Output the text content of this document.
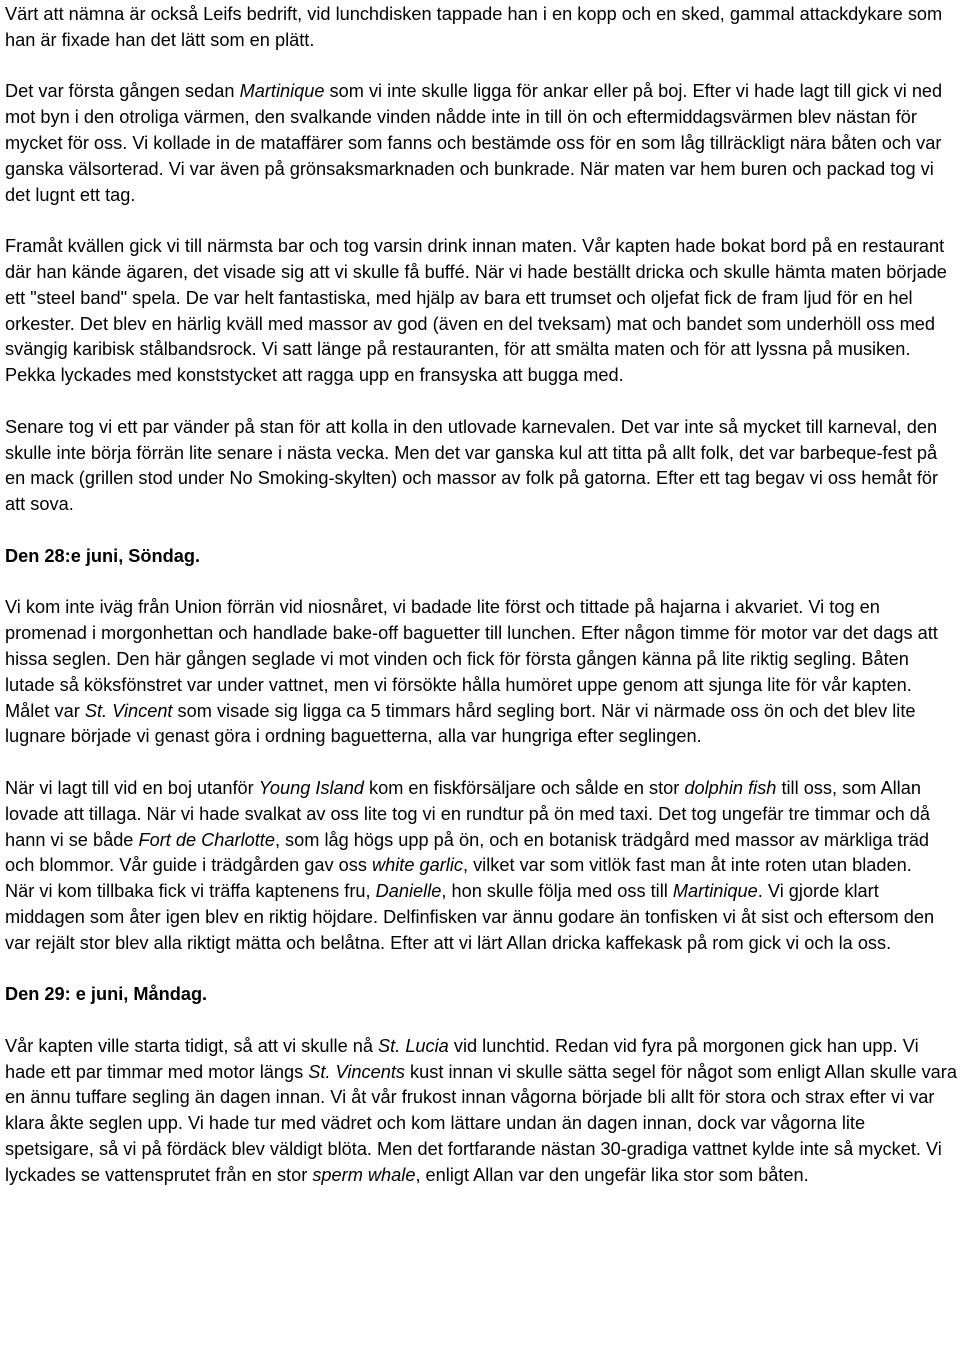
Värt att nämna är också Leifs bedrift, vid lunchdisken tappade han i en kopp och en sked, gammal attackdykare som han är fixade han det lätt som en plätt.

Det var första gången sedan Martinique som vi inte skulle ligga för ankar eller på boj. Efter vi hade lagt till gick vi ned mot byn i den otroliga värmen, den svalkande vinden nådde inte in till ön och eftermiddagsvärmen blev nästan för mycket för oss. Vi kollade in de mataffärer som fanns och bestämde oss för en som låg tillräckligt nära båten och var ganska välsorterad. Vi var även på grönsaksmarknaden och bunkrade. När maten var hem buren och packad tog vi det lugnt ett tag.

Framåt kvällen gick vi till närmsta bar och tog varsin drink innan maten. Vår kapten hade bokat bord på en restaurant där han kände ägaren, det visade sig att vi skulle få buffé. När vi hade beställt dricka och skulle hämta maten började ett "steel band" spela. De var helt fantastiska, med hjälp av bara ett trumset och oljefat fick de fram ljud för en hel orkester. Det blev en härlig kväll med massor av god (även en del tveksam) mat och bandet som underhöll oss med svängig karibisk stålbandsrock. Vi satt länge på restauranten, för att smälta maten och för att lyssna på musiken. Pekka lyckades med konststycket att ragga upp en fransyska att bugga med.

Senare tog vi ett par vänder på stan för att kolla in den utlovade karnevalen. Det var inte så mycket till karneval, den skulle inte börja förrän lite senare i nästa vecka. Men det var ganska kul att titta på allt folk, det var barbeque-fest på en mack (grillen stod under No Smoking-skylten) och massor av folk på gatorna. Efter ett tag begav vi oss hemåt för att sova.

Den 28:e juni, Söndag.

Vi kom inte iväg från Union förrän vid niosnåret, vi badade lite först och tittade på hajarna i akvariet. Vi tog en promenad i morgonhettan och handlade bake-off baguetter till lunchen. Efter någon timme för motor var det dags att hissa seglen. Den här gången seglade vi mot vinden och fick för första gången känna på lite riktig segling. Båten lutade så köksfönstret var under vattnet, men vi försökte hålla humöret uppe genom att sjunga lite för vår kapten. Målet var St. Vincent som visade sig ligga ca 5 timmars hård segling bort. När vi närmade oss ön och det blev lite lugnare började vi genast göra i ordning baguetterna, alla var hungriga efter seglingen.

När vi lagt till vid en boj utanför Young Island kom en fiskförsäljare och sålde en stor dolphin fish till oss, som Allan lovade att tillaga. När vi hade svalkat av oss lite tog vi en rundtur på ön med taxi. Det tog ungefär tre timmar och då hann vi se både Fort de Charlotte, som låg högs upp på ön, och en botanisk trädgård med massor av märkliga träd och blommor. Vår guide i trädgården gav oss white garlic, vilket var som vitlök fast man åt inte roten utan bladen.

När vi kom tillbaka fick vi träffa kaptenens fru, Danielle, hon skulle följa med oss till Martinique. Vi gjorde klart middagen som åter igen blev en riktig höjdare. Delfinfisken var ännu godare än tonfisken vi åt sist och eftersom den var rejält stor blev alla riktigt mätta och belåtna. Efter att vi lärt Allan dricka kaffekask på rom gick vi och la oss.

Den 29: e juni, Måndag.

Vår kapten ville starta tidigt, så att vi skulle nå St. Lucia vid lunchtid. Redan vid fyra på morgonen gick han upp. Vi hade ett par timmar med motor längs St. Vincents kust innan vi skulle sätta segel för något som enligt Allan skulle vara en ännu tuffare segling än dagen innan. Vi åt vår frukost innan vågorna började bli allt för stora och strax efter vi var klara åkte seglen upp. Vi hade tur med vädret och kom lättare undan än dagen innan, dock var vågorna lite spetsigare, så vi på fördäck blev väldigt blöta. Men det fortfarande nästan 30-gradiga vattnet kylde inte så mycket. Vi lyckades se vattensprutet från en stor sperm whale, enligt Allan var den ungefär lika stor som båten.
